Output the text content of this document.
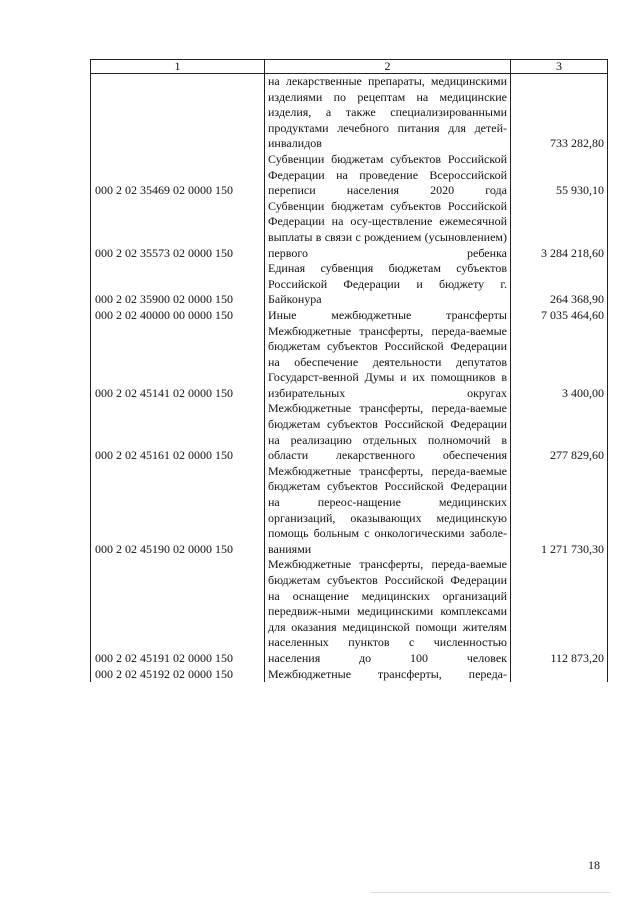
1	2	3
	на лекарственные препараты, медицинскими изделиями по рецептам на медицинские изделия, а также специализированными продуктами лечебного питания для детей-инвалидов	733 282,80
000 2 02 35469 02 0000 150	Субвенции бюджетам субъектов Российской Федерации на проведение Всероссийской переписи населения 2020 года	55 930,10
000 2 02 35573 02 0000 150	Субвенции бюджетам субъектов Российской Федерации на осу-ществление ежемесячной выплаты в связи с рождением (усыновлением) первого ребенка	3 284 218,60
000 2 02 35900 02 0000 150	Единая субвенция бюджетам субъектов Российской Федерации и бюджету г. Байконура	264 368,90
000 2 02 40000 00 0000 150	Иные межбюджетные трансферты	7 035 464,60
000 2 02 45141 02 0000 150	Межбюджетные трансферты, переда-ваемые бюджетам субъектов Российской Федерации на обеспечение деятельности депутатов Государст-венной Думы и их помощников в избирательных округах	3 400,00
000 2 02 45161 02 0000 150	Межбюджетные трансферты, переда-ваемые бюджетам субъектов Российской Федерации на реализацию отдельных полномочий в области лекарственного обеспечения	277 829,60
000 2 02 45190 02 0000 150	Межбюджетные трансферты, переда-ваемые бюджетам субъектов Российской Федерации на переос-нащение медицинских организаций, оказывающих медицинскую помощь больным с онкологическими заболе-ваниями	1 271 730,30
000 2 02 45191 02 0000 150	Межбюджетные трансферты, переда-ваемые бюджетам субъектов Российской Федерации на оснащение медицинских организаций передвиж-ными медицинскими комплексами для оказания медицинской помощи жителям населенных пунктов с численностью населения до 100 человек	112 873,20
000 2 02 45192 02 0000 150	Межбюджетные трансферты, переда-	
18
